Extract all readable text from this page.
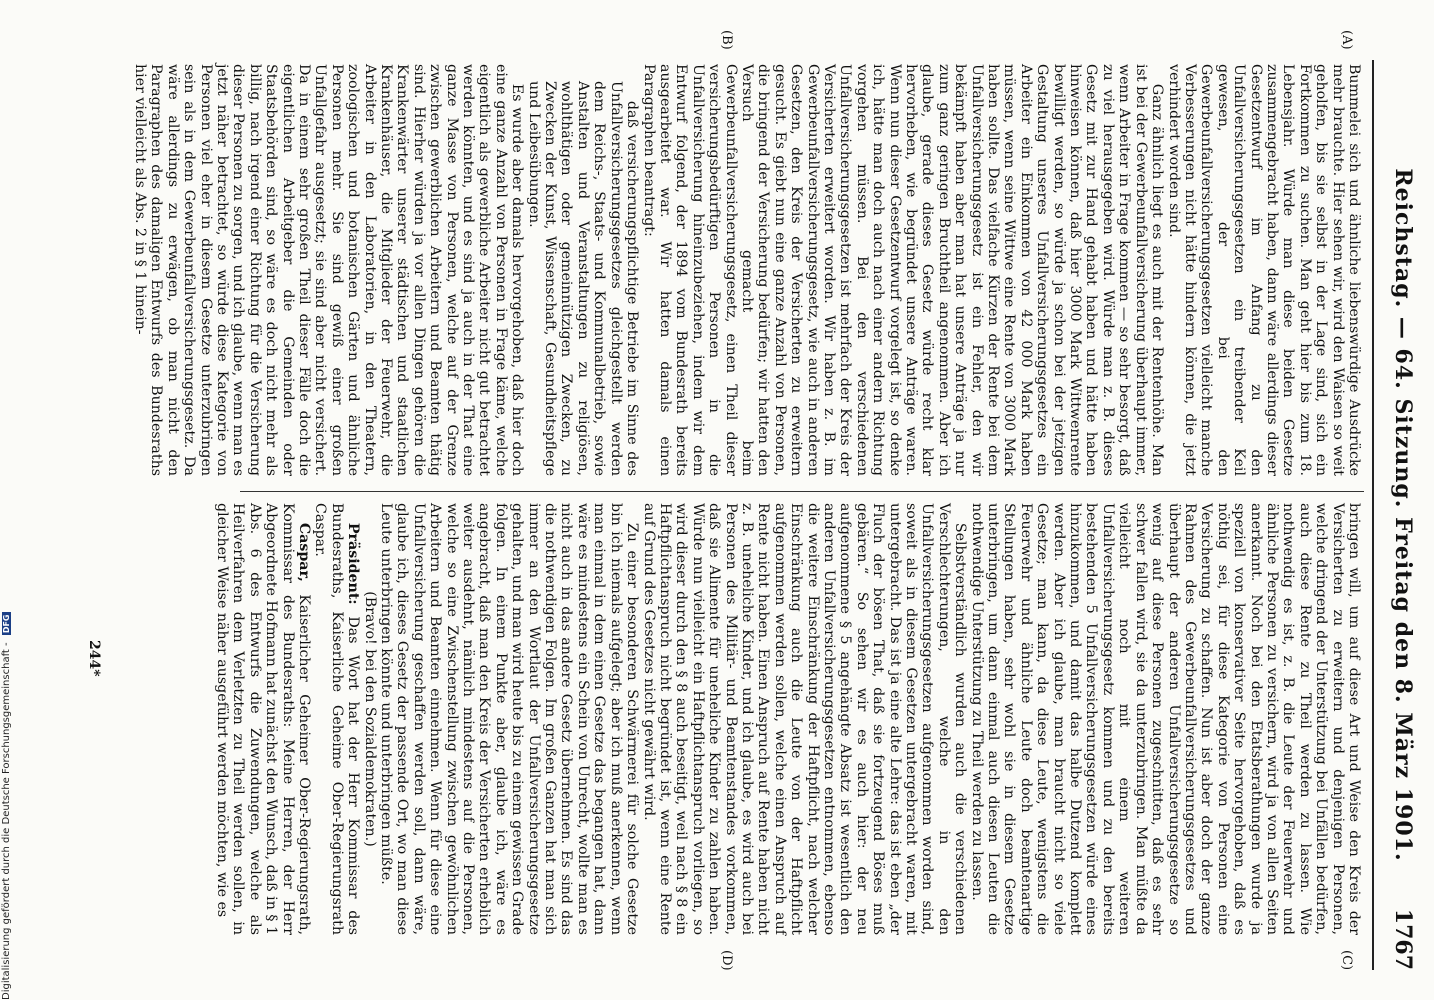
Reichstag. — 64. Sitzung. Freitag den 8. März 1901.
1767
(A)
(B)
(C)
(D)

Bummelei sich und ähnliche liebenswürdige Ausdrücke mehr brauchte. Hier sehen wir, wird den Waisen so weit geholfen, bis sie selbst in der Lage sind, sich ein Fortkommen zu suchen. Man geht hier bis zum 18. Lebensjahr. Würde man diese beiden Gesetze zusammengebracht haben, dann wäre allerdings dieser Gesetzentwurf im Anfang zu den Unfallversicherungsgesetzen ein treibender Keil gewesen, der bei den Gewerbeunfallversicherungsgesetzen vielleicht manche Verbesserungen nicht hätte hindern können, die jetzt verhindert worden sind.

Ganz ähnlich liegt es auch mit der Rentenhöhe. Man ist bei der Gewerbeunfallversicherung überhaupt immer, wenn Arbeiter in Frage kommen — so sehr besorgt, daß zu viel herausgegeben wird. Würde man z. B. dieses Gesetz mit zur Hand gehabt haben und hätte haben hinweisen können, daß hier 3000 Mark Wittwenrente bewilligt werden, so würde ja schon bei der jetzigen Gestaltung unseres Unfallversicherungsgesetzes ein Arbeiter ein Einkommen von 42 000 Mark haben müssen, wenn seine Wittwe eine Rente von 3000 Mark haben sollte. Das vielfache Kürzen der Rente bei dem Unfallversicherungsgesetz ist ein Fehler, den wir bekämpft haben aber man hat unsere Anträge ja nur zum ganz geringen Bruchtheil angenommen. Aber ich glaube, gerade dieses Gesetz würde recht klar hervorheben, wie begründet unsere Anträge waren. Wenn nun dieser Gesetzentwurf vorgelegt ist, so denke ich, hätte man doch auch nach einer andern Richtung vorgehen müssen. Bei den verschiedenen Unfallversicherungsgesetzen ist mehrfach der Kreis der Versicherten erweitert worden. Wir haben z. B. im Gewerbeunfallversicherungsgesetz, wie auch in anderen Gesetzen, den Kreis der Versicherten zu erweitern gesucht. Es giebt nun eine ganze Anzahl von Personen, die bringend der Versicherung bedürfen; wir hatten den Versuch gemacht beim Gewerbeunfallversicherungsgesetz, einen Theil dieser versicherungsbedürftigen Personen in die Unfallversicherung hineinzubeziehen, indem wir dem Entwurf folgend, der 1894 vom Bundesrath bereits ausgearbeitet war. Wir hatten damals einen Paragraphen beantragt:

daß versicherungspflichtige Betriebe im Sinne des Unfallversicherungsgesetzes gleichgestellt werden dem Reichs-, Staats- und Kommunalbetrieb, sowie Anstalten und Veranstaltungen zu religiösen, wohlthätigen oder gemeinnützigen Zwecken, zu Zwecken der Kunst, Wissenschaft, Gesundheitspflege und Leibesübungen.

Es wurde aber damals hervorgehoben, daß hier doch eine ganze Anzahl von Personen in Frage käme, welche eigentlich als gewerbliche Arbeiter nicht gut betrachtet werden könnten, und es sind ja auch in der That eine ganze Masse von Personen, welche auf der Grenze zwischen gewerblichen Arbeitern und Beamten thätig sind. Hierher würden ja vor allen Dingen gehören die Krankenwärter unserer städtischen und staatlichen Krankenhäuser, die Mitglieder der Feuerwehr, die Arbeiter in den Laboratorien, in den Theatern, zoologischen und botanischen Gärten und ähnliche Personen mehr. Sie sind gewiß einer großen Unfallgefahr ausgesetzt; sie sind aber nicht versichert. Da in einem sehr großen Theil dieser Fälle doch die eigentlichen Arbeitgeber die Gemeinden oder Staatsbehörden sind, so wäre es doch nicht mehr als billig, nach irgend einer Richtung für die Versicherung dieser Personen zu sorgen, und ich glaube, wenn man es jetzt näher betrachtet, so würde diese Kategorie von Personen viel eher in diesem Gesetze unterzubringen sein als in dem Gewerbeunfallversicherungsgesetz. Da wäre allerdings zu erwägen, ob man nicht den Paragraphen des damaligen Entwurfs des Bundesraths hier vielleicht als Abs. 2 in § 1 hinein-

bringen will, um auf diese Art und Weise den Kreis der Versicherten zu erweitern und denjenigen Personen, welche dringend der Unterstützung bei Unfällen bedürfen, auch diese Rente zu Theil werden zu lassen. Wie nothwendig es ist, z. B. die Leute der Feuerwehr und ähnliche Personen zu versichern, wird ja von allen Seiten anerkannt. Noch bei den Etatsberathungen wurde ja speziell von konservativer Seite hervorgehoben, daß es nöthig sei, für diese Kategorie von Personen eine Versicherung zu schaffen. Nun ist aber doch der ganze Rahmen des Gewerbeunfallversicherungsgesetzes und überhaupt der anderen Unfallversicherungsgesetze so wenig auf diese Personen zugeschnitten, daß es sehr schwer fallen wird, sie da unterzubringen. Man müßte da vielleicht noch mit einem weiteren Unfallversicherungsgesetz kommen und zu den bereits bestehenden 5 Unfallversicherungsgesetzen würde eines hinzukommen, und damit das halbe Dutzend komplett werden. Aber ich glaube, man braucht nicht so viele Gesetze; man kann, da diese Leute, wenigstens die Feuerwehr und ähnliche Leute doch beamtenartige Stellungen haben, sehr wohl sie in diesem Gesetze unterbringen, um dann einmal auch diesen Leuten die nothwendige Unterstützung zu Theil werden zu lassen.

Selbstverständlich wurden auch die verschiedenen Verschlechterungen, welche in den Unfallversicherungsgesetzen aufgenommen worden sind, soweit als in diesem Gesetzen untergebracht waren, mit untergebracht. Das ist ja eine alte Lehre: das ist eben „der Fluch der bösen That, daß sie fortzeugend Böses muß gebären.“ So sehen wir es auch hier: der neu aufgenommene § 5 angehängte Absatz ist wesentlich den anderen Unfallversicherungsgesetzen entnommen, ebenso die weitere Einschränkung der Haftpflicht, nach welcher Einschränkung auch die Leute von der Haftpflicht aufgenommen werden sollen, welche einen Anspruch auf Rente nicht haben. Einen Anspruch auf Rente haben nicht z. B. uneheliche Kinder, und ich glaube, es wird auch bei Personen des Militär- und Beamtenstandes vorkommen, daß sie Alimente für uneheliche Kinder zu zahlen haben. Würde nun vielleicht ein Haftpflichtanspruch vorliegen, so wird dieser durch den § 8 auch beseitigt, weil nach § 8 ein Haftpflichtanspruch nicht begründet ist, wenn eine Rente auf Grund des Gesetzes nicht gewährt wird.

Zu einer besonderen Schwärmerei für solche Gesetze bin ich niemals aufgelegt; aber ich muß anerkennen, wenn man einmal in dem einen Gesetze das begangen hat, dann wäre es mindestens ein Schein von Unrecht, wollte man es nicht auch in das andere Gesetz übernehmen. Es sind das die nothwendigen Folgen. Im großen Ganzen hat man sich immer an den Wortlaut der Unfallversicherungsgesetze gehalten, und man wird heute bis zu einem gewissen Grade folgen. In einem Punkte aber, glaube ich, wäre es angebracht, daß man den Kreis der Versicherten erheblich weiter ausdehnt, nämlich mindestens auf die Personen, welche so eine Zwischenstellung zwischen gewöhnlichen Arbeitern und Beamten einnehmen. Wenn für diese eine Unfallversicherung geschaffen werden soll, dann wäre, glaube ich, dieses Gesetz der passende Ort, wo man diese Leute unterbringen könnte und unterbringen müßte.

(Bravo! bei den Sozialdemokraten.)

Präsident: Das Wort hat der Herr Kommissar des Bundesraths, Kaiserliche Geheime Ober-Regierungsrath Caspar.

Caspar, Kaiserlicher Geheimer Ober-Regierungsrath, Kommissar des Bundesraths: Meine Herren, der Herr Abgeordnete Hofmann hat zunächst den Wunsch, daß in § 1 Abs. 6 des Entwurfs die Zuwendungen, welche als Heilverfahren dem Verletzten zu Theil werden sollen, in gleicher Weise näher ausgeführt werden möchten, wie es

244*
Digitalisierung gefördert durch die Deutsche Forschungsgemeinschaft - DFG
